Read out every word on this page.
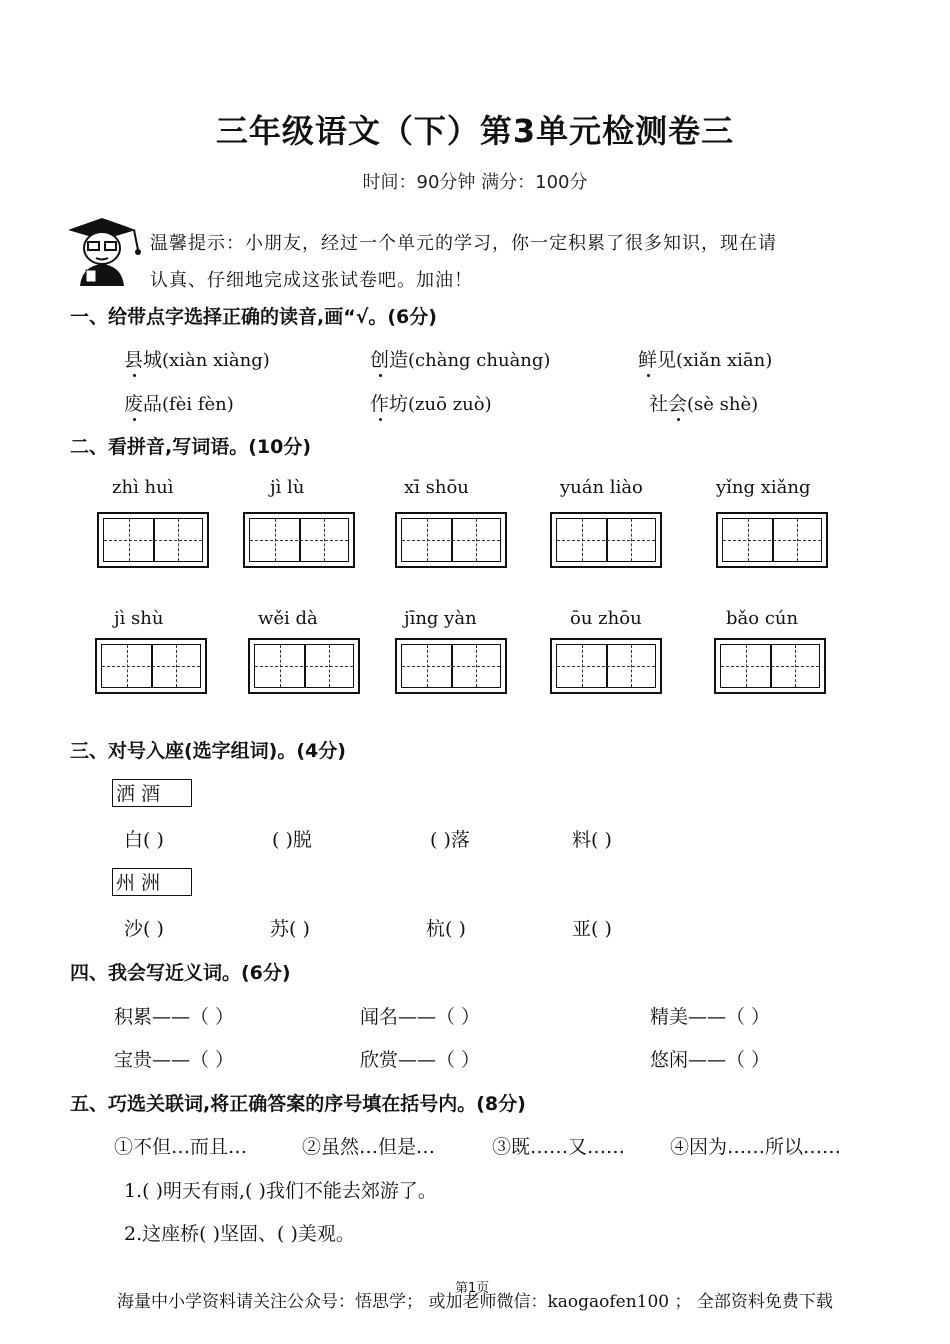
三年级语文（下）第3单元检测卷三
时间：90分钟 满分：100分
温馨提示：小朋友，经过一个单元的学习，你一定积累了很多知识，现在请
认真、仔细地完成这张试卷吧。加油！
一、给带点字选择正确的读音,画“√。(6分)
县城(xiàn xiàng)	创造(chàng chuàng)	鲜见(xiǎn xiān)
废品(fèi fèn)	作坊(zuō zuò)	社会(sè shè)
二、看拼音,写词语。(10分)
zhì huì	jì lù	xī shōu	yuán liào	yǐng xiǎng
jì shù	wěi dà	jīng yàn	ōu zhōu	bǎo cún
三、对号入座(选字组词)。(4分)
洒 酒
白( )	( )脱	( )落	料( )
州 洲
沙( )	苏( )	杭( )	亚( )
四、我会写近义词。(6分)
积累——（ ）	闻名——（ ）	精美——（ ）
宝贵——（ ）	欣赏——（ ）	悠闲——（ ）
五、巧选关联词,将正确答案的序号填在括号内。(8分)
①不但…而且…	②虽然…但是…	③既……又…… ④因为……所以……
1.( )明天有雨,( )我们不能去郊游了。
2.这座桥( )坚固、( )美观。
第1页
海量中小学资料请关注公众号：悟思学； 或加老师微信：kaogaofen100 ； 全部资料免费下载
